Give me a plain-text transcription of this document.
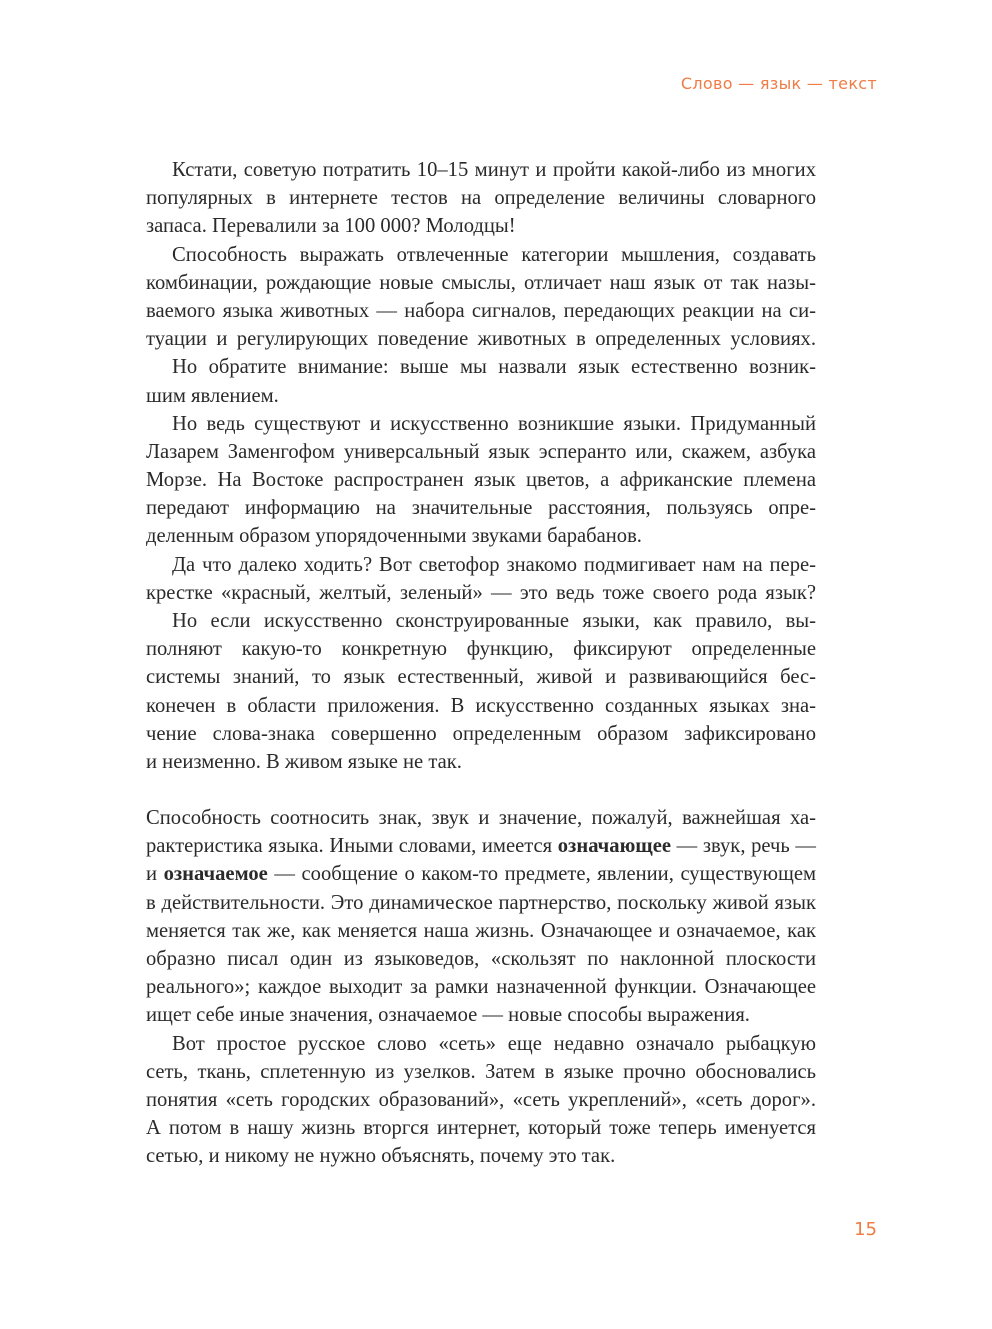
Слово — язык — текст
Кстати, советую потратить 10–15 минут и пройти какой-либо из многих
популярных в интернете тестов на определение величины словарного
запаса. Перевалили за 100 000? Молодцы!
Способность выражать отвлеченные категории мышления, создавать
комбинации, рождающие новые смыслы, отличает наш язык от так назы-
ваемого языка животных — набора сигналов, передающих реакции на си-
туации и регулирующих поведение животных в определенных условиях.
Но обратите внимание: выше мы назвали язык естественно возник-
шим явлением.
Но ведь существуют и искусственно возникшие языки. Придуманный
Лазарем Заменгофом универсальный язык эсперанто или, скажем, азбука
Морзе. На Востоке распространен язык цветов, а африканские племена
передают информацию на значительные расстояния, пользуясь опре-
деленным образом упорядоченными звуками барабанов.
Да что далеко ходить? Вот светофор знакомо подмигивает нам на пере-
крестке «красный, желтый, зеленый» — это ведь тоже своего рода язык?
Но если искусственно сконструированные языки, как правило, вы-
полняют какую-то конкретную функцию, фиксируют определенные
системы знаний, то язык естественный, живой и развивающийся бес-
конечен в области приложения. В искусственно созданных языках зна-
чение слова-знака совершенно определенным образом зафиксировано
и неизменно. В живом языке не так.
Способность соотносить знак, звук и значение, пожалуй, важнейшая ха-
рактеристика языка. Иными словами, имеется означающее — звук, речь —
и означаемое — сообщение о каком-то предмете, явлении, существующем
в действительности. Это динамическое партнерство, поскольку живой язык
меняется так же, как меняется наша жизнь. Означающее и означаемое, как
образно писал один из языковедов, «скользят по наклонной плоскости
реального»; каждое выходит за рамки назначенной функции. Означающее
ищет себе иные значения, означаемое — новые способы выражения.
Вот простое русское слово «сеть» еще недавно означало рыбацкую
сеть, ткань, сплетенную из узелков. Затем в языке прочно обосновались
понятия «сеть городских образований», «сеть укреплений», «сеть дорог».
А потом в нашу жизнь вторгся интернет, который тоже теперь именуется
сетью, и никому не нужно объяснять, почему это так.
15
